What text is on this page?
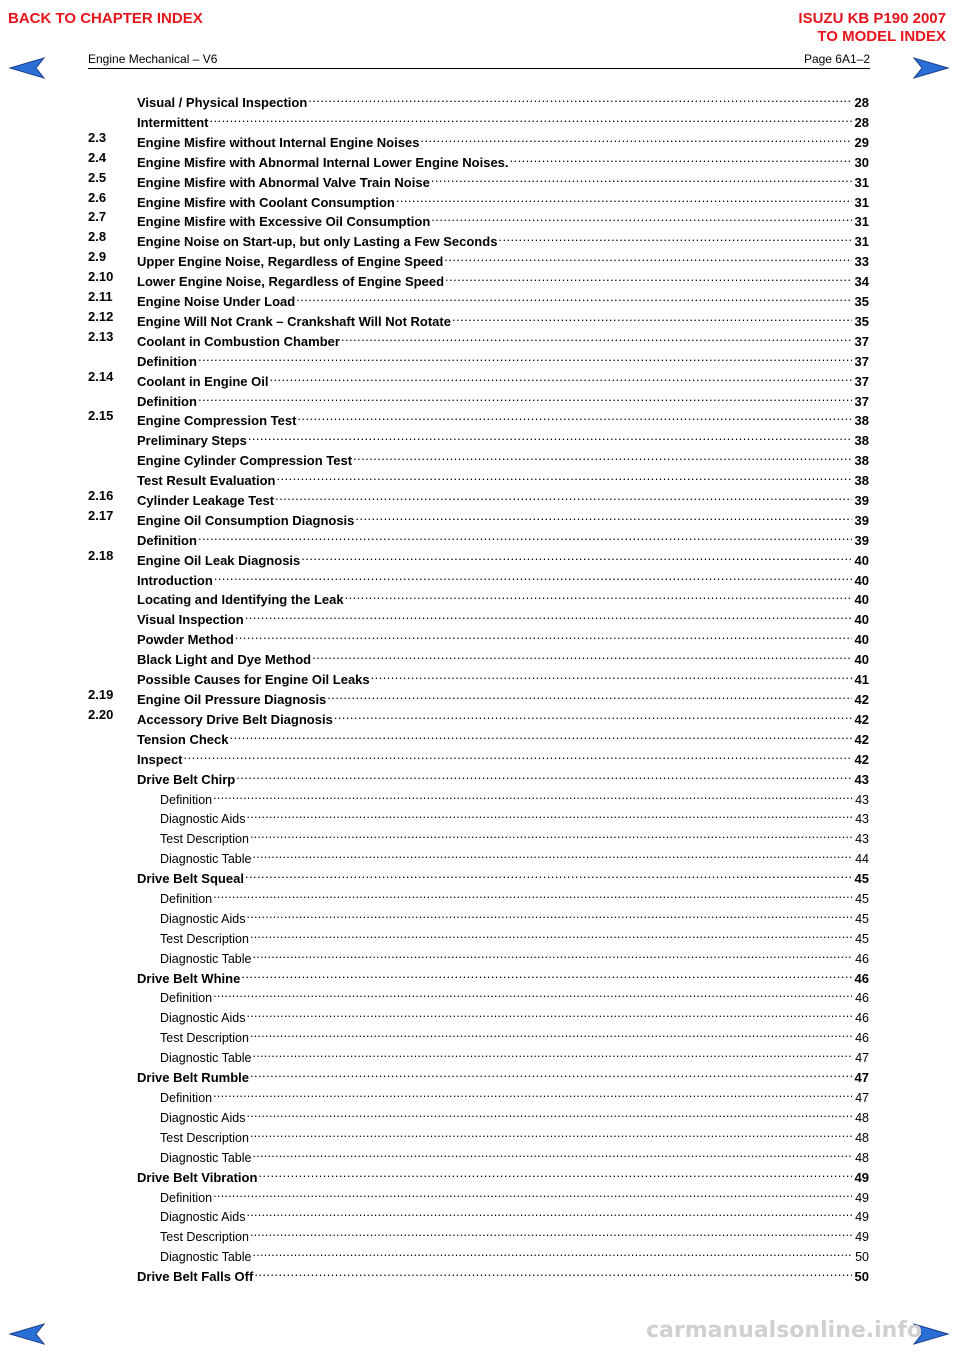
BACK TO CHAPTER INDEX	ISUZU KB P190 2007
TO MODEL INDEX
Engine Mechanical – V6	Page 6A1–2
Visual / Physical Inspection . . .	28
Intermittent . . .	28
2.3	Engine Misfire without Internal Engine Noises . . .	29
2.4	Engine Misfire with Abnormal Internal Lower Engine Noises. . . .	30
2.5	Engine Misfire with Abnormal Valve Train Noise . . .	31
2.6	Engine Misfire with Coolant Consumption . . .	31
2.7	Engine Misfire with Excessive Oil Consumption . . .	31
2.8	Engine Noise on Start-up, but only Lasting a Few Seconds . . .	31
2.9	Upper Engine Noise, Regardless of Engine Speed . . .	33
2.10	Lower Engine Noise, Regardless of Engine Speed . . .	34
2.11	Engine Noise Under Load . . .	35
2.12	Engine Will Not Crank – Crankshaft Will Not Rotate . . .	35
2.13	Coolant in Combustion Chamber . . .	37
Definition . . .	37
2.14	Coolant in Engine Oil . . .	37
Definition . . .	37
2.15	Engine Compression Test . . .	38
Preliminary Steps . . .	38
Engine Cylinder Compression Test . . .	38
Test Result Evaluation . . .	38
2.16	Cylinder Leakage Test . . .	39
2.17	Engine Oil Consumption Diagnosis . . .	39
Definition . . .	39
2.18	Engine Oil Leak Diagnosis . . .	40
Introduction . . .	40
Locating and Identifying the Leak . . .	40
Visual Inspection . . .	40
Powder Method . . .	40
Black Light and Dye Method . . .	40
Possible Causes for Engine Oil Leaks . . .	41
2.19	Engine Oil Pressure Diagnosis . . .	42
2.20	Accessory Drive Belt Diagnosis . . .	42
Tension Check . . .	42
Inspect . . .	42
Drive Belt Chirp . . .	43
Definition . . .	43
Diagnostic Aids . . .	43
Test Description . . .	43
Diagnostic Table . . .	44
Drive Belt Squeal . . .	45
Definition . . .	45
Diagnostic Aids . . .	45
Test Description . . .	45
Diagnostic Table . . .	46
Drive Belt Whine . . .	46
Definition . . .	46
Diagnostic Aids . . .	46
Test Description . . .	46
Diagnostic Table . . .	47
Drive Belt Rumble . . .	47
Definition . . .	47
Diagnostic Aids . . .	48
Test Description . . .	48
Diagnostic Table . . .	48
Drive Belt Vibration . . .	49
Definition . . .	49
Diagnostic Aids . . .	49
Test Description . . .	49
Diagnostic Table . . .	50
Drive Belt Falls Off . . .	50
carmanualsonline.info
